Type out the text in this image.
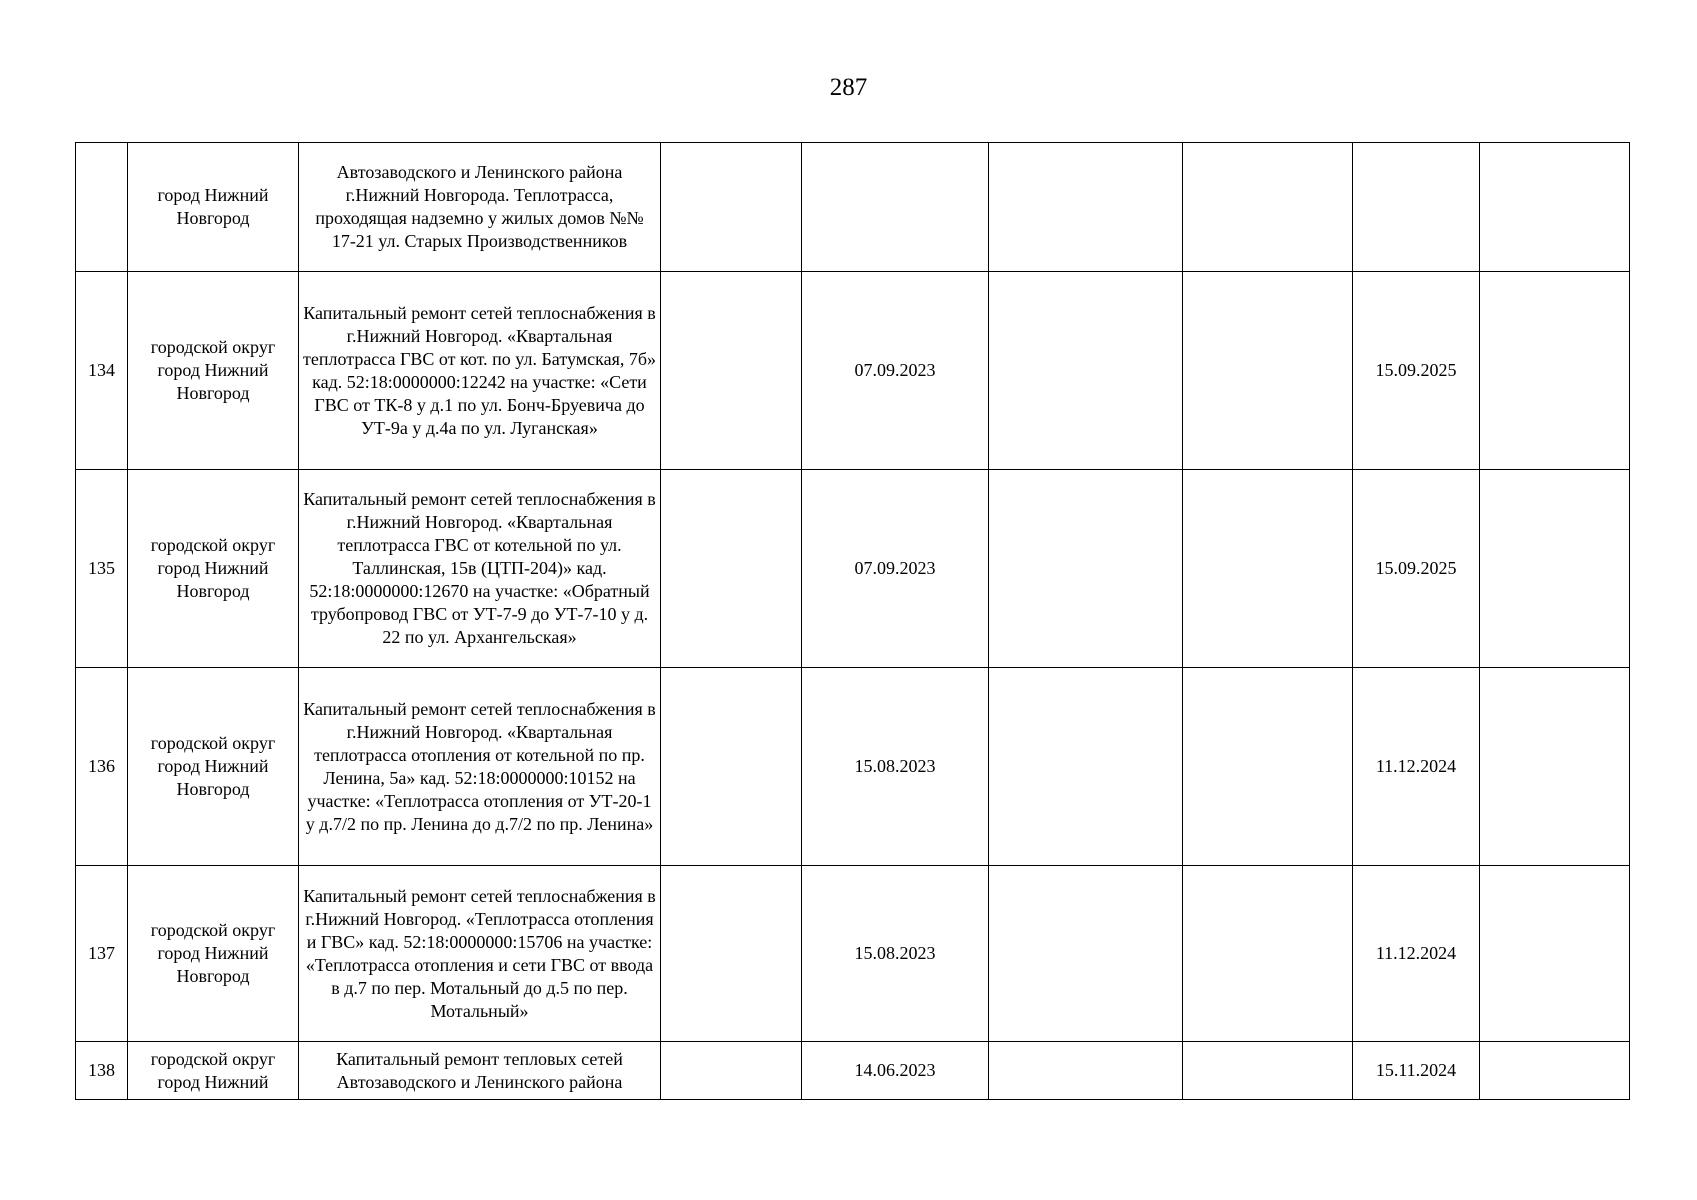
287
	город Нижний Новгород	Автозаводского и Ленинского района г.Нижний Новгорода. Теплотрасса, проходящая надземно у жилых домов №№ 17-21 ул. Старых Производственников						
134	городской округ город Нижний Новгород	Капитальный ремонт сетей теплоснабжения в г.Нижний Новгород. «Квартальная теплотрасса ГВС от кот. по ул. Батумская, 7б» кад. 52:18:0000000:12242 на участке: «Сети ГВС от ТК-8 у д.1 по ул. Бонч-Бруевича до УТ-9а у д.4а по ул. Луганская»		07.09.2023			15.09.2025	
135	городской округ город Нижний Новгород	Капитальный ремонт сетей теплоснабжения в г.Нижний Новгород. «Квартальная теплотрасса ГВС от котельной по ул. Таллинская, 15в (ЦТП-204)» кад. 52:18:0000000:12670 на участке: «Обратный трубопровод ГВС от УТ-7-9 до УТ-7-10 у д. 22 по ул. Архангельская»		07.09.2023			15.09.2025	
136	городской округ город Нижний Новгород	Капитальный ремонт сетей теплоснабжения в г.Нижний Новгород. «Квартальная теплотрасса отопления от котельной по пр. Ленина, 5а» кад. 52:18:0000000:10152 на участке: «Теплотрасса отопления от УТ-20-1 у д.7/2 по пр. Ленина до д.7/2 по пр. Ленина»		15.08.2023			11.12.2024	
137	городской округ город Нижний Новгород	Капитальный ремонт сетей теплоснабжения в г.Нижний Новгород. «Теплотрасса отопления и ГВС» кад. 52:18:0000000:15706 на участке: «Теплотрасса отопления и сети ГВС от ввода в д.7 по пер. Мотальный до д.5 по пер. Мотальный»		15.08.2023			11.12.2024	
138	городской округ город Нижний	Капитальный ремонт тепловых сетей Автозаводского и Ленинского района		14.06.2023			15.11.2024	
